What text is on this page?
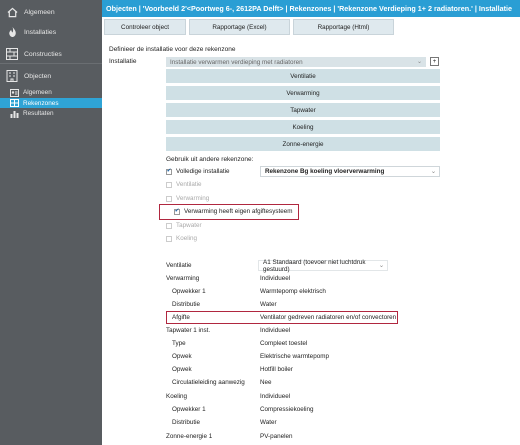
Algemeen
Installaties
Constructies
Objecten
Algemeen
Rekenzones
Resultaten
Objecten | 'Voorbeeld 2'<Poortweg 6-, 2612PA Delft> | Rekenzones | 'Rekenzone Verdieping 1+ 2 radiatoren.' | Installatie
Controleer object	Rapportage (Excel)	Rapportage (Html)
Definieer de installatie voor deze rekenzone
Installatie	Installatie verwarmen verdieping met radiatoren	⌄ +
Ventilatie
Verwarming
Tapwater
Koeling
Zonne-energie
Gebruik uit andere rekenzone:
✔ Volledige installatie	Rekenzone Bg koeling vloerverwarming	⌄
Ventilatie
Verwarming
✔ Verwarming heeft eigen afgiftesysteem
Tapwater
Koeling
Ventilatie	A1 Standaard (toevoer niet luchtdruk gestuurd)	⌄
Verwarming	Individueel
Opwekker 1	Warmtepomp elektrisch
Distributie	Water
Afgifte	Ventilator gedreven radiatoren en/of convectoren
Tapwater 1 inst.	Individueel
Type	Compleet toestel
Opwek	Elektrische warmtepomp
Opwek	Hotfill boiler
Circulatieleiding aanwezig Nee
Koeling	Individueel
Opwekker 1	Compressiekoeling
Distributie	Water
Zonne-energie 1	PV-panelen
